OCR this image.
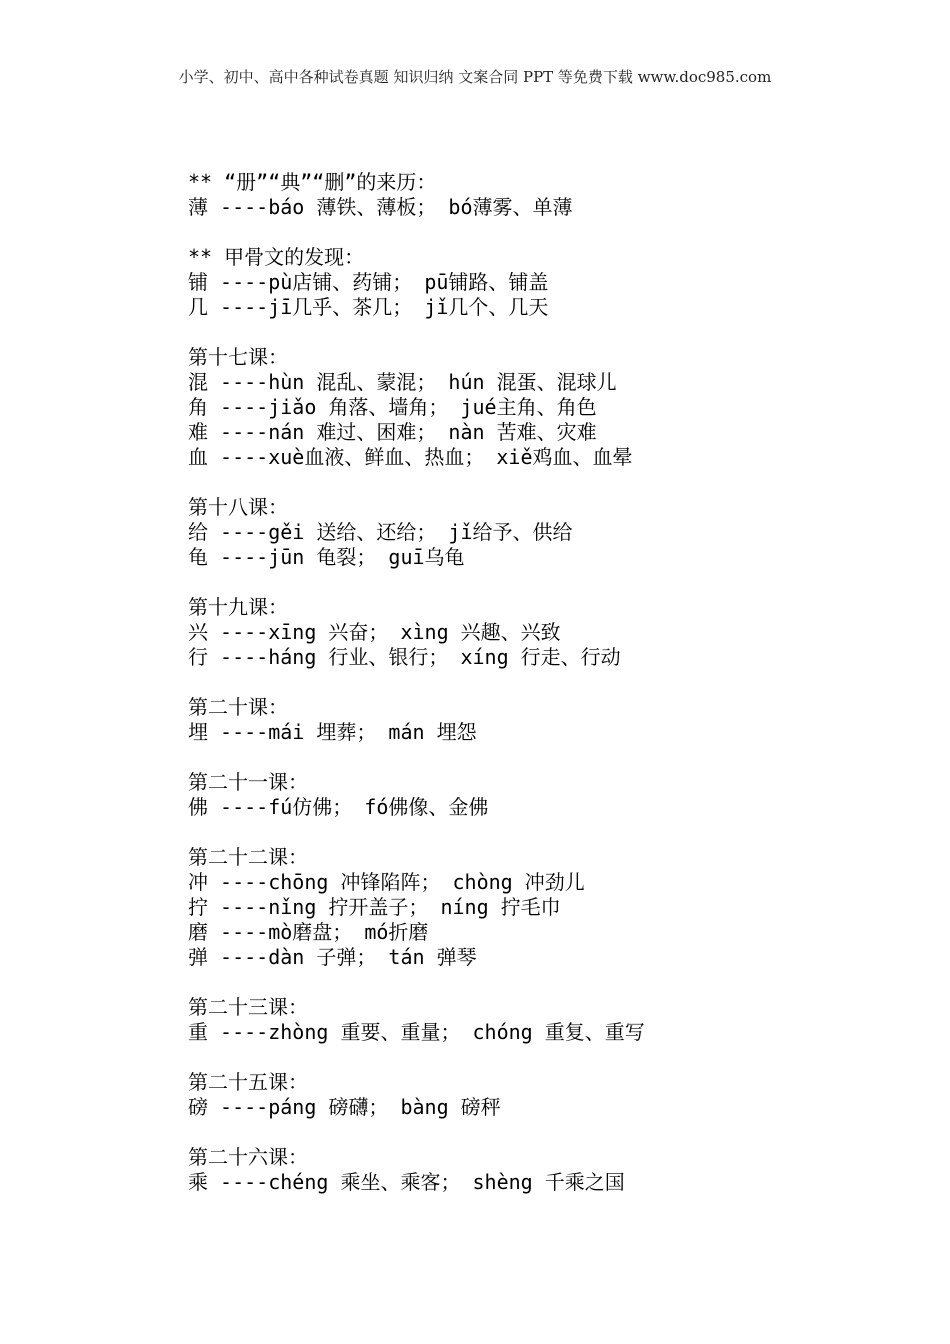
小学、初中、高中各种试卷真题 知识归纳 文案合同 PPT 等免费下载 www.doc985.com
** “册”“典”“删”的来历：
薄 ----báo 薄铁、薄板； bó薄雾、单薄
** 甲骨文的发现：
铺 ----pù店铺、药铺； pū铺路、铺盖
几 ----jī几乎、茶几； jǐ几个、几天
第十七课：
混 ----hùn 混乱、蒙混； hún 混蛋、混球儿
角 ----jiǎo 角落、墙角； jué主角、角色
难 ----nán 难过、困难； nàn 苦难、灾难
血 ----xuè血液、鲜血、热血； xiě鸡血、血晕
第十八课：
给 ----gěi 送给、还给； jǐ给予、供给
龟 ----jūn 龟裂； guī乌龟
第十九课：
兴 ----xīng 兴奋； xìng 兴趣、兴致
行 ----háng 行业、银行； xíng 行走、行动
第二十课：
埋 ----mái 埋葬； mán 埋怨
第二十一课：
佛 ----fú仿佛； fó佛像、金佛
第二十二课：
冲 ----chōng 冲锋陷阵； chòng 冲劲儿
拧 ----nǐng 拧开盖子； níng 拧毛巾
磨 ----mò磨盘； mó折磨
弹 ----dàn 子弹； tán 弹琴
第二十三课：
重 ----zhòng 重要、重量； chóng 重复、重写
第二十五课：
磅 ----páng 磅礴； bàng 磅秤
第二十六课：
乘 ----chéng 乘坐、乘客； shèng 千乘之国
